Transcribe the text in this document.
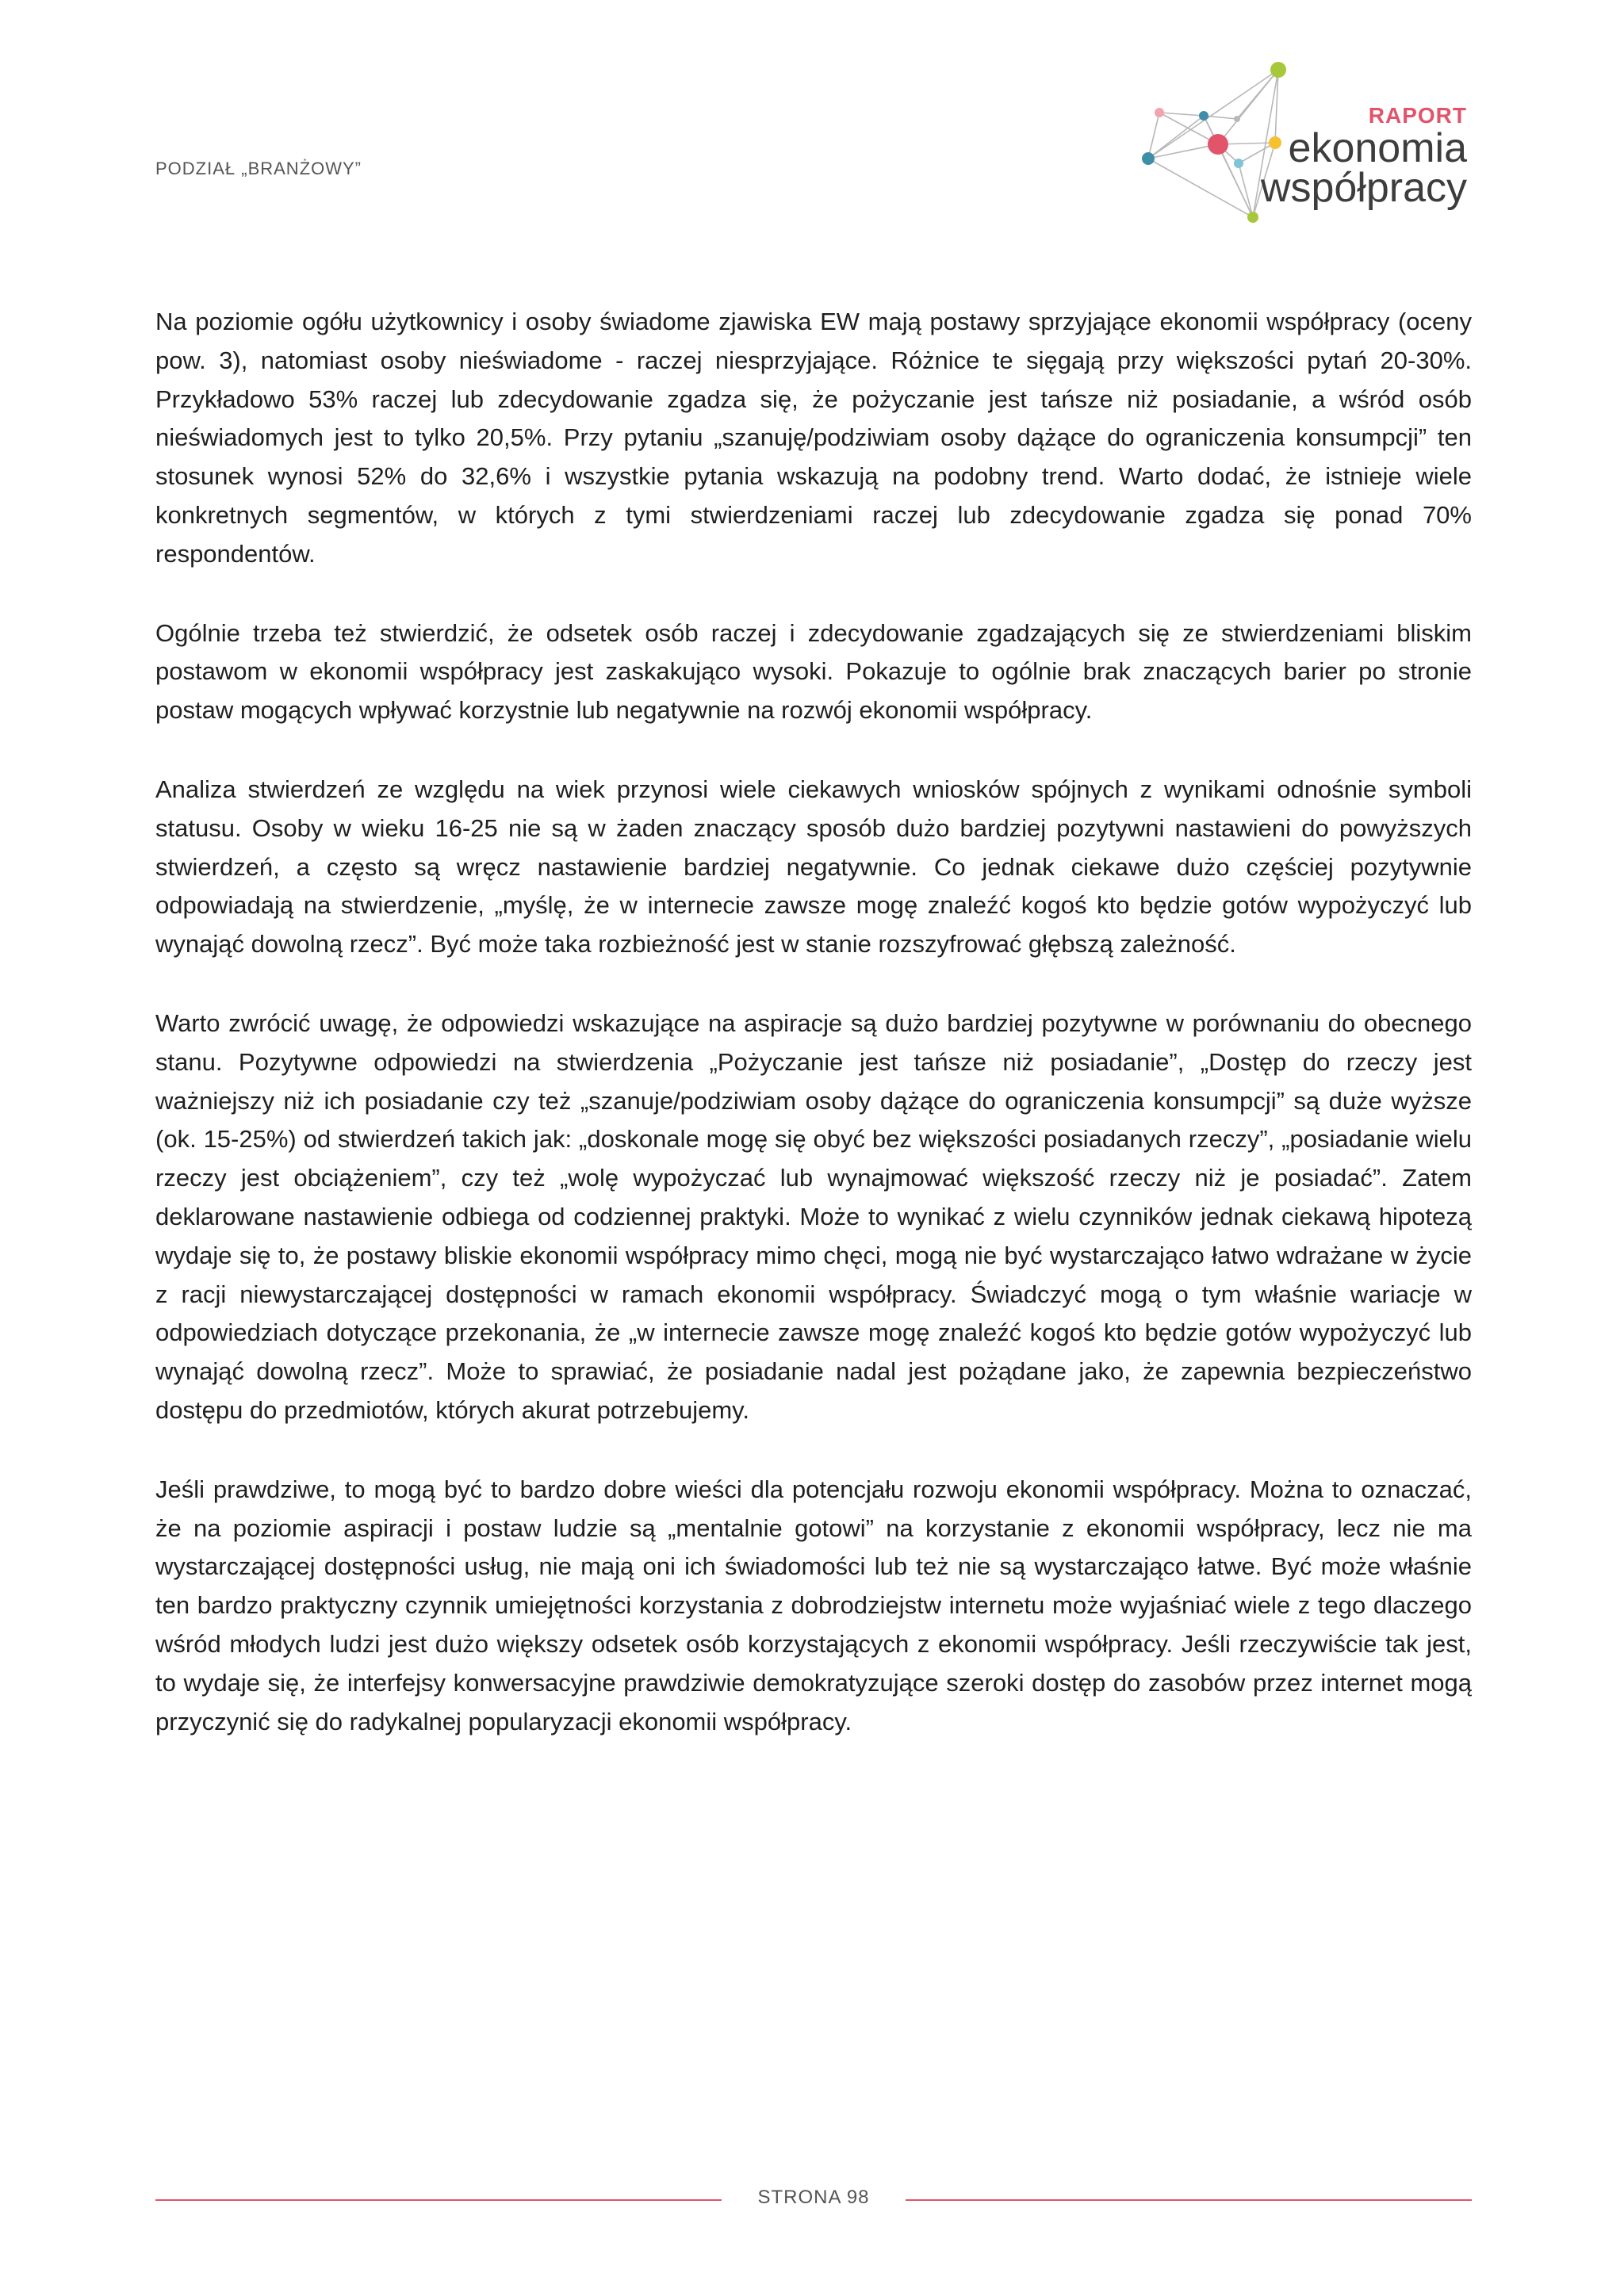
PODZIAŁ „BRANŻOWY”
RAPORT
ekonomia
współpracy

Na poziomie ogółu użytkownicy i osoby świadome zjawiska EW mają postawy sprzyjające ekonomii współpracy (oceny pow. 3), natomiast osoby nieświadome - raczej niesprzyjające. Różnice te sięgają przy większości pytań 20-30%. Przykładowo 53% raczej lub zdecydowanie zgadza się, że pożyczanie jest tańsze niż posiadanie, a wśród osób nieświadomych jest to tylko 20,5%. Przy pytaniu „szanuję/podziwiam osoby dążące do ograniczenia konsumpcji” ten stosunek wynosi 52% do 32,6% i wszystkie pytania wskazują na podobny trend. Warto dodać, że istnieje wiele konkretnych segmentów, w których z tymi stwierdzeniami raczej lub zdecydowanie zgadza się ponad 70% respondentów.

Ogólnie trzeba też stwierdzić, że odsetek osób raczej i zdecydowanie zgadzających się ze stwierdzeniami bliskim postawom w ekonomii współpracy jest zaskakująco wysoki. Pokazuje to ogólnie brak znaczących barier po stronie postaw mogących wpływać korzystnie lub negatywnie na rozwój ekonomii współpracy.

Analiza stwierdzeń ze względu na wiek przynosi wiele ciekawych wniosków spójnych z wynikami odnośnie symboli statusu. Osoby w wieku 16-25 nie są w żaden znaczący sposób dużo bardziej pozytywni nastawieni do powyższych stwierdzeń, a często są wręcz nastawienie bardziej negatywnie. Co jednak ciekawe dużo częściej pozytywnie odpowiadają na stwierdzenie, „myślę, że w internecie zawsze mogę znaleźć kogoś kto będzie gotów wypożyczyć lub wynająć dowolną rzecz”. Być może taka rozbieżność jest w stanie rozszyfrować głębszą zależność.

Warto zwrócić uwagę, że odpowiedzi wskazujące na aspiracje są dużo bardziej pozytywne w porównaniu do obecnego stanu. Pozytywne odpowiedzi na stwierdzenia „Pożyczanie jest tańsze niż posiadanie”, „Dostęp do rzeczy jest ważniejszy niż ich posiadanie czy też „szanuje/podziwiam osoby dążące do ograniczenia konsumpcji” są duże wyższe (ok. 15-25%) od stwierdzeń takich jak: „doskonale mogę się obyć bez większości posiadanych rzeczy”, „posiadanie wielu rzeczy jest obciążeniem”, czy też „wolę wypożyczać lub wynajmować większość rzeczy niż je posiadać”. Zatem deklarowane nastawienie odbiega od codziennej praktyki. Może to wynikać z wielu czynników jednak ciekawą hipotezą wydaje się to, że postawy bliskie ekonomii współpracy mimo chęci, mogą nie być wystarczająco łatwo wdrażane w życie z racji niewystarczającej dostępności w ramach ekonomii współpracy. Świadczyć mogą o tym właśnie wariacje w odpowiedziach dotyczące przekonania, że „w internecie zawsze mogę znaleźć kogoś kto będzie gotów wypożyczyć lub wynająć dowolną rzecz”. Może to sprawiać, że posiadanie nadal jest pożądane jako, że zapewnia bezpieczeństwo dostępu do przedmiotów, których akurat potrzebujemy.

Jeśli prawdziwe, to mogą być to bardzo dobre wieści dla potencjału rozwoju ekonomii współpracy. Można to oznaczać, że na poziomie aspiracji i postaw ludzie są „mentalnie gotowi” na korzystanie z ekonomii współpracy, lecz nie ma wystarczającej dostępności usług, nie mają oni ich świadomości lub też nie są wystarczająco łatwe. Być może właśnie ten bardzo praktyczny czynnik umiejętności korzystania z dobrodziejstw internetu może wyjaśniać wiele z tego dlaczego wśród młodych ludzi jest dużo większy odsetek osób korzystających z ekonomii współpracy. Jeśli rzeczywiście tak jest, to wydaje się, że interfejsy konwersacyjne prawdziwie demokratyzujące szeroki dostęp do zasobów przez internet mogą przyczynić się do radykalnej popularyzacji ekonomii współpracy.

STRONA 98
